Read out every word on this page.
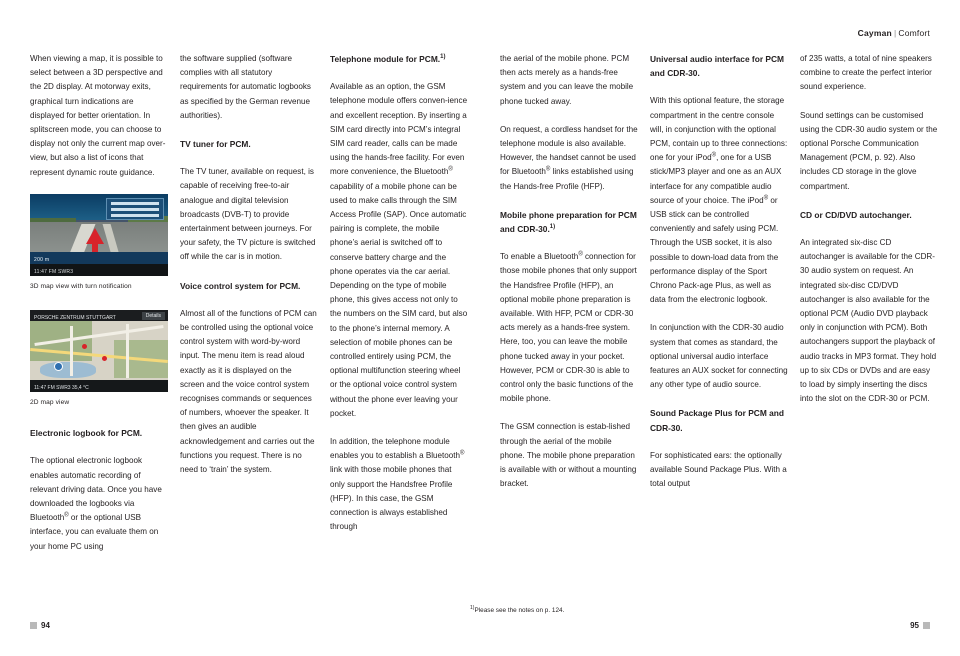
Cayman | Comfort

When viewing a map, it is possible to select between a 3D perspective and the 2D display. At motorway exits, graphical turn indications are displayed for better orientation. In splitscreen mode, you can choose to display not only the current map over-view, but also a list of icons that represent dynamic route guidance.

200 m
11:47 FM SWR3
3D map view with turn notification
PORSCHE ZENTRUM STUTTGART	Details
11:47 FM SWR3 35,4 °C
2D map view
Electronic logbook for PCM.

The optional electronic logbook enables automatic recording of relevant driving data. Once you have downloaded the logbooks via Bluetooth® or the optional USB interface, you can evaluate them on your home PC using

the software supplied (software complies with all statutory requirements for automatic logbooks as specified by the German revenue authorities).

TV tuner for PCM.

The TV tuner, available on request, is capable of receiving free-to-air analogue and digital television broadcasts (DVB-T) to provide entertainment between journeys. For your safety, the TV picture is switched off while the car is in motion.

Voice control system for PCM.

Almost all of the functions of PCM can be controlled using the optional voice control system with word-by-word input. The menu item is read aloud exactly as it is displayed on the screen and the voice control system recognises commands or sequences of numbers, whoever the speaker. It then gives an audible acknowledgement and carries out the functions you request. There is no need to ‘train’ the system.

Telephone module for PCM.$^{1)}$

Available as an option, the GSM telephone module offers conven-ience and excellent reception. By inserting a SIM card directly into PCM’s integral SIM card reader, calls can be made using the hands-free facility. For even more convenience, the Bluetooth® capability of a mobile phone can be used to make calls through the SIM Access Profile (SAP). Once automatic pairing is complete, the mobile phone’s aerial is switched off to conserve battery charge and the phone operates via the car aerial. Depending on the type of mobile phone, this gives access not only to the numbers on the SIM card, but also to the phone’s internal memory. A selection of mobile phones can be controlled entirely using PCM, the optional multifunction steering wheel or the optional voice control system without the phone ever leaving your pocket.

In addition, the telephone module enables you to establish a Bluetooth® link with those mobile phones that only support the Handsfree Profile (HFP). In this case, the GSM connection is always established through

the aerial of the mobile phone. PCM then acts merely as a hands-free system and you can leave the mobile phone tucked away.

On request, a cordless handset for the telephone module is also available. However, the handset cannot be used for Bluetooth® links established using the Hands-free Profile (HFP).

Mobile phone preparation for PCM and CDR-30.$^{1)}$

To enable a Bluetooth® connection for those mobile phones that only support the Handsfree Profile (HFP), an optional mobile phone preparation is available. With HFP, PCM or CDR-30 acts merely as a hands-free system. Here, too, you can leave the mobile phone tucked away in your pocket. However, PCM or CDR-30 is able to control only the basic functions of the mobile phone.

The GSM connection is estab-lished through the aerial of the mobile phone. The mobile phone preparation is available with or without a mounting bracket.

Universal audio interface for PCM and CDR-30.

With this optional feature, the storage compartment in the centre console will, in conjunction with the optional PCM, contain up to three connections: one for your iPod®, one for a USB stick/MP3 player and one as an AUX interface for any compatible audio source of your choice. The iPod® or USB stick can be controlled conveniently and safely using PCM. Through the USB socket, it is also possible to down-load data from the performance display of the Sport Chrono Pack-age Plus, as well as data from the electronic logbook.

In conjunction with the CDR-30 audio system that comes as standard, the optional universal audio interface features an AUX socket for connecting any other type of audio source.

Sound Package Plus for PCM and CDR-30.

For sophisticated ears: the optionally available Sound Package Plus. With a total output

of 235 watts, a total of nine speakers combine to create the perfect interior sound experience.

Sound settings can be customised using the CDR-30 audio system or the optional Porsche Communication Management (PCM, p. 92). Also includes CD storage in the glove compartment.

CD or CD/DVD autochanger.

An integrated six-disc CD autochanger is available for the CDR-30 audio system on request. An integrated six-disc CD/DVD autochanger is also available for the optional PCM (Audio DVD playback only in conjunction with PCM). Both autochangers support the playback of audio tracks in MP3 format. They hold up to six CDs or DVDs and are easy to load by simply inserting the discs into the slot on the CDR-30 or PCM.

$^{1)}$Please see the notes on p. 124.
94	95
